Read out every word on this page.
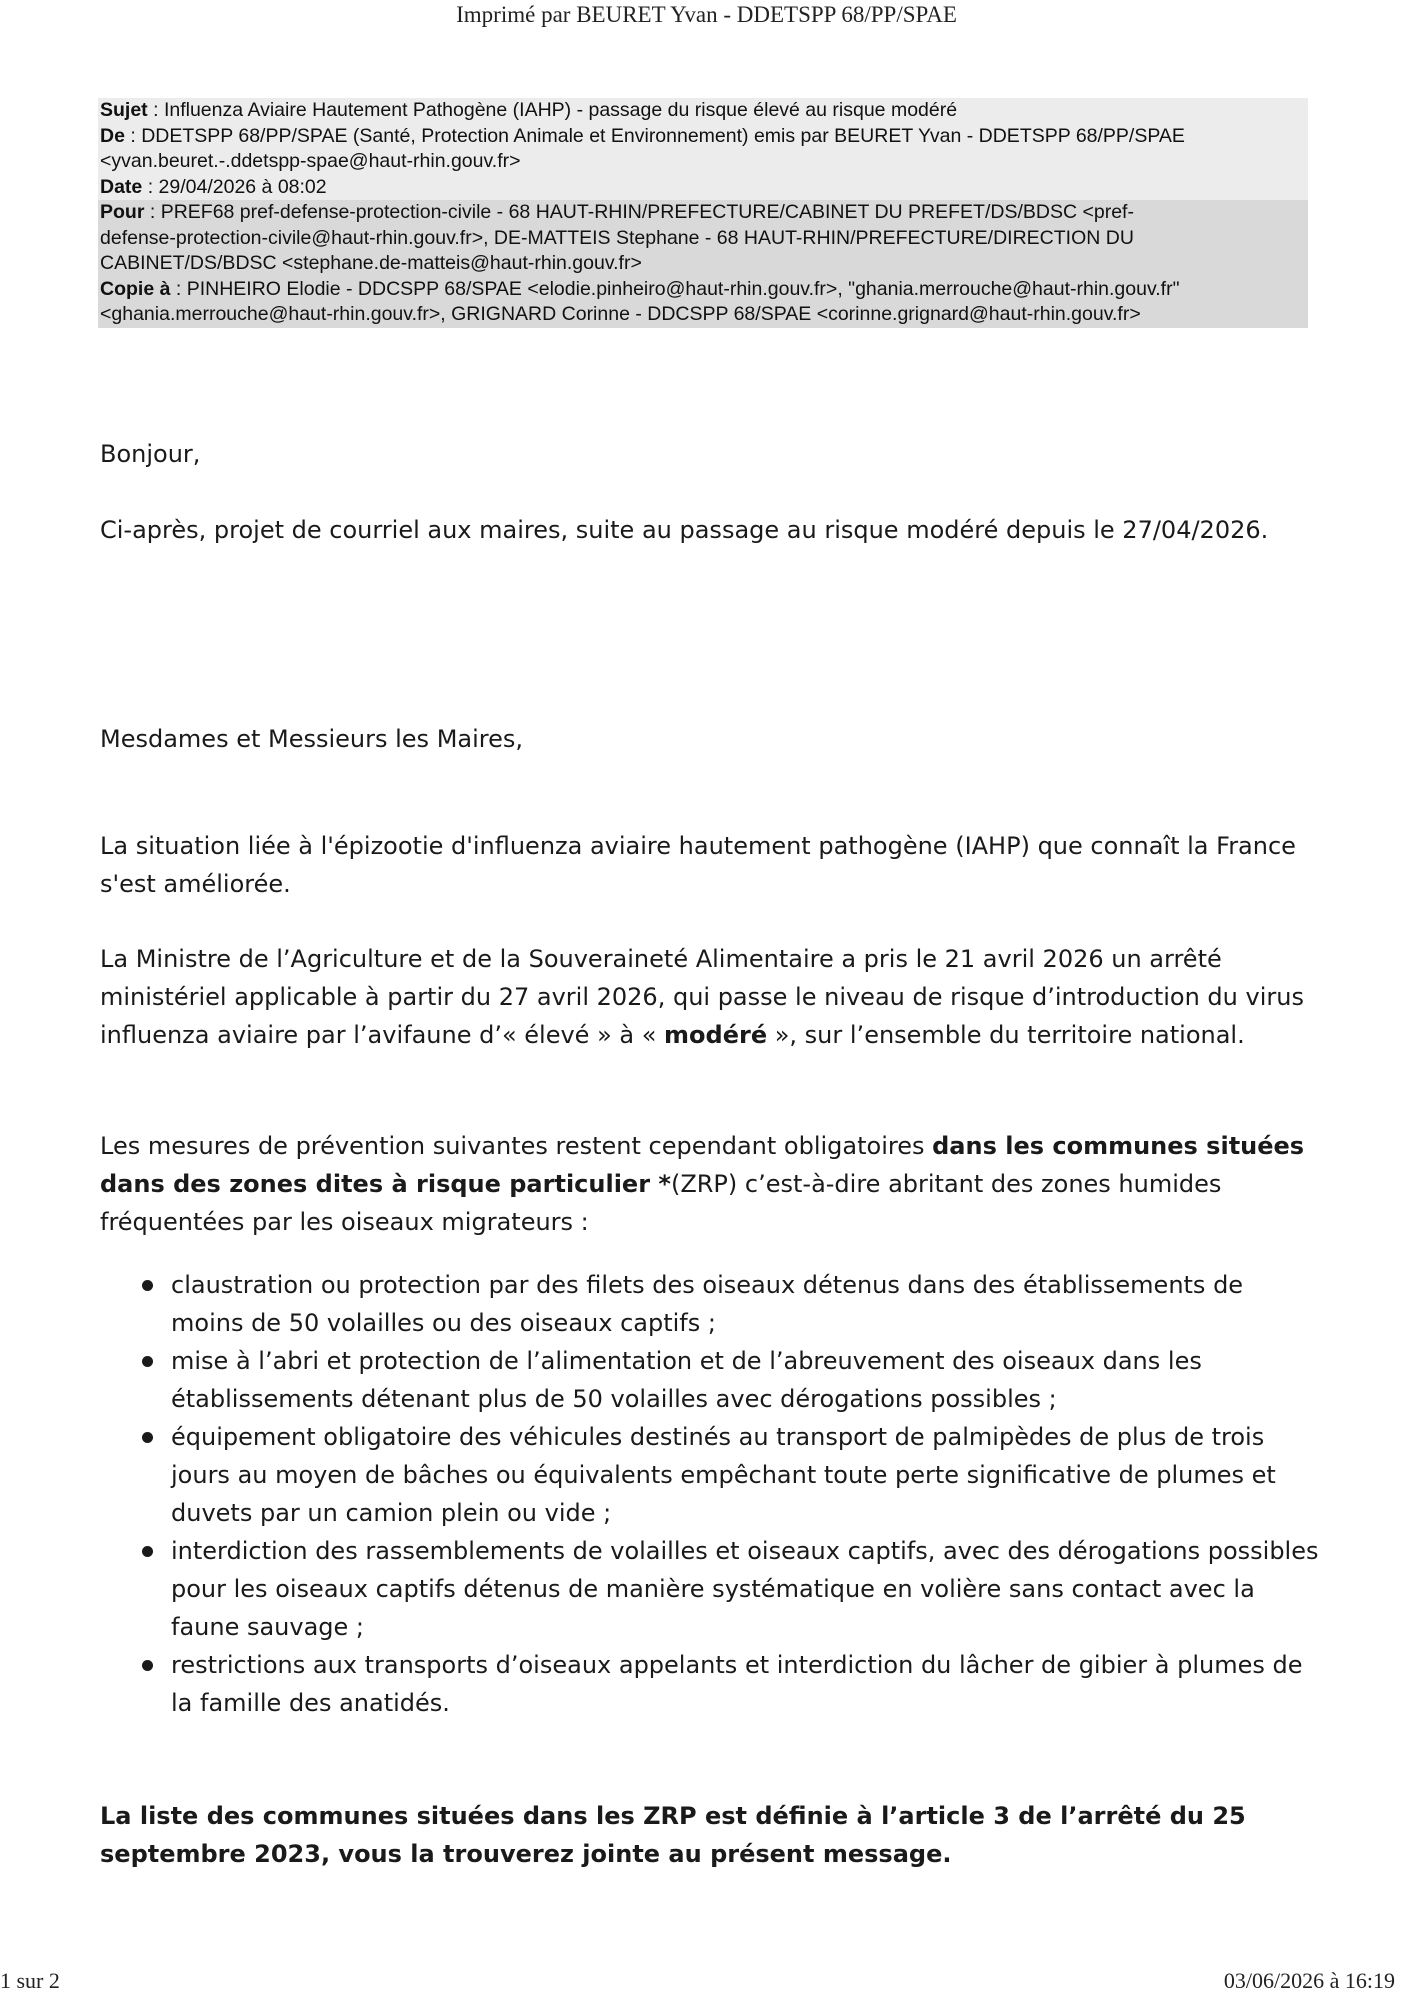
Imprimé par BEURET Yvan - DDETSPP 68/PP/SPAE
Sujet : Influenza Aviaire Hautement Pathogène (IAHP) - passage du risque élevé au risque modéré
De : DDETSPP 68/PP/SPAE (Santé, Protection Animale et Environnement) emis par BEURET Yvan - DDETSPP 68/PP/SPAE
<yvan.beuret.-.ddetspp-spae@haut-rhin.gouv.fr>
Date : 29/04/2026 à 08:02
Pour : PREF68 pref-defense-protection-civile - 68 HAUT-RHIN/PREFECTURE/CABINET DU PREFET/DS/BDSC <pref-
defense-protection-civile@haut-rhin.gouv.fr>, DE-MATTEIS Stephane - 68 HAUT-RHIN/PREFECTURE/DIRECTION DU
CABINET/DS/BDSC <stephane.de-matteis@haut-rhin.gouv.fr>
Copie à : PINHEIRO Elodie - DDCSPP 68/SPAE <elodie.pinheiro@haut-rhin.gouv.fr>, "ghania.merrouche@haut-rhin.gouv.fr"
<ghania.merrouche@haut-rhin.gouv.fr>, GRIGNARD Corinne - DDCSPP 68/SPAE <corinne.grignard@haut-rhin.gouv.fr>

Bonjour,

Ci-après, projet de courriel aux maires, suite au passage au risque modéré depuis le 27/04/2026.

Mesdames et Messieurs les Maires,

La situation liée à l'épizootie d'influenza aviaire hautement pathogène (IAHP) que connaît la France s'est améliorée.

La Ministre de l’Agriculture et de la Souveraineté Alimentaire a pris le 21 avril 2026 un arrêté ministériel applicable à partir du 27 avril 2026, qui passe le niveau de risque d’introduction du virus influenza aviaire par l’avifaune d’« élevé » à « modéré », sur l’ensemble du territoire national.

Les mesures de prévention suivantes restent cependant obligatoires dans les communes situées dans des zones dites à risque particulier *(ZRP) c’est-à-dire abritant des zones humides fréquentées par les oiseaux migrateurs :

claustration ou protection par des filets des oiseaux détenus dans des établissements de moins de 50 volailles ou des oiseaux captifs ;
mise à l’abri et protection de l’alimentation et de l’abreuvement des oiseaux dans les établissements détenant plus de 50 volailles avec dérogations possibles ;
équipement obligatoire des véhicules destinés au transport de palmipèdes de plus de trois jours au moyen de bâches ou équivalents empêchant toute perte significative de plumes et duvets par un camion plein ou vide ;
interdiction des rassemblements de volailles et oiseaux captifs, avec des dérogations possibles pour les oiseaux captifs détenus de manière systématique en volière sans contact avec la faune sauvage ;
restrictions aux transports d’oiseaux appelants et interdiction du lâcher de gibier à plumes de la famille des anatidés.

La liste des communes situées dans les ZRP est définie à l’article 3 de l’arrêté du 25 septembre 2023, vous la trouverez jointe au présent message.

1 sur 2	03/06/2026 à 16:19
